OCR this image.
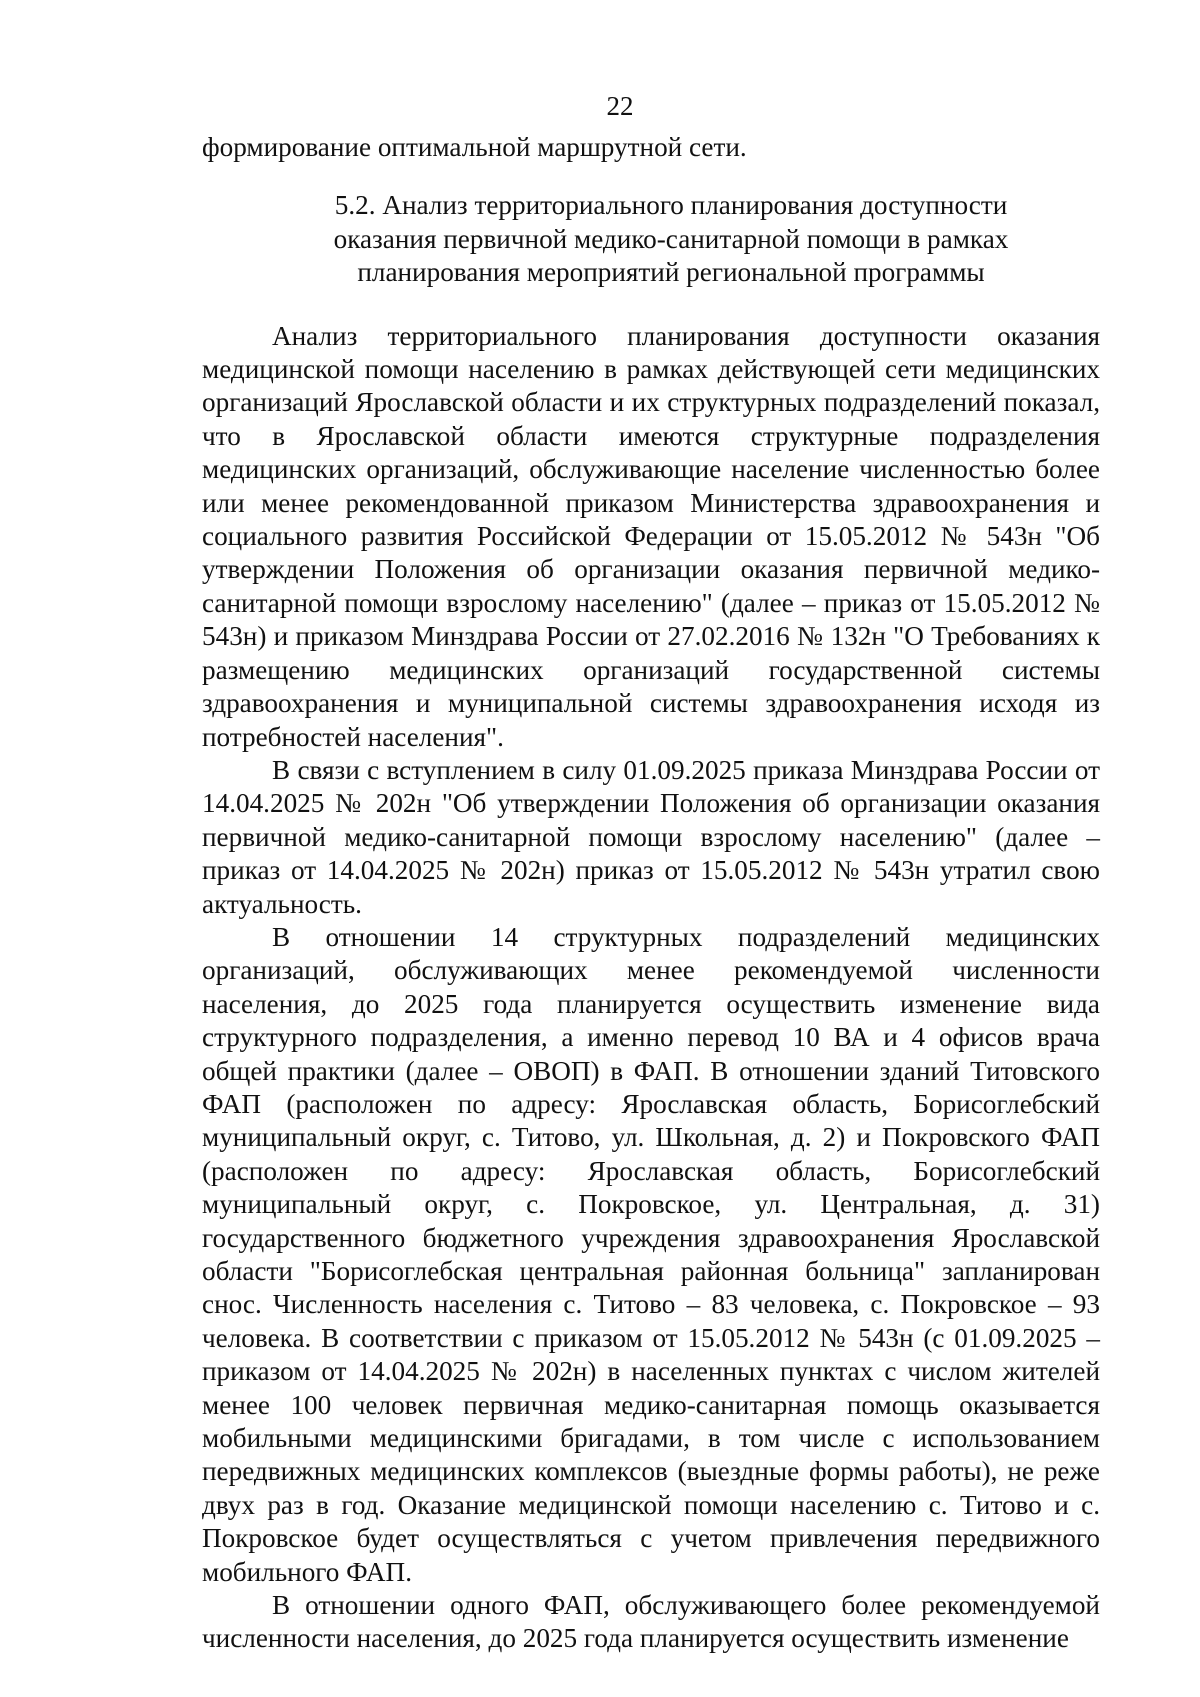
22

формирование оптимальной маршрутной сети.

5.2. Анализ территориального планирования доступности
оказания первичной медико-санитарной помощи в рамках
планирования мероприятий региональной программы

Анализ территориального планирования доступности оказания медицинской помощи населению в рамках действующей сети медицинских организаций Ярославской области и их структурных подразделений показал, что в Ярославской области имеются структурные подразделения медицинских организаций, обслуживающие население численностью более или менее рекомендованной приказом Министерства здравоохранения и социального развития Российской Федерации от 15.05.2012 № 543н "Об утверждении Положения об организации оказания первичной медико-санитарной помощи взрослому населению" (далее – приказ от 15.05.2012 № 543н) и приказом Минздрава России от 27.02.2016 № 132н "О Требованиях к размещению медицинских организаций государственной системы здравоохранения и муниципальной системы здравоохранения исходя из потребностей населения".

В связи с вступлением в силу 01.09.2025 приказа Минздрава России от 14.04.2025 № 202н "Об утверждении Положения об организации оказания первичной медико-санитарной помощи взрослому населению" (далее – приказ от 14.04.2025 № 202н) приказ от 15.05.2012 № 543н утратил свою актуальность.

В отношении 14 структурных подразделений медицинских организаций, обслуживающих менее рекомендуемой численности населения, до 2025 года планируется осуществить изменение вида структурного подразделения, а именно перевод 10 ВА и 4 офисов врача общей практики (далее – ОВОП) в ФАП. В отношении зданий Титовского ФАП (расположен по адресу: Ярославская область, Борисоглебский муниципальный округ, с. Титово, ул. Школьная, д. 2) и Покровского ФАП (расположен по адресу: Ярославская область, Борисоглебский муниципальный округ, с. Покровское, ул. Центральная, д. 31) государственного бюджетного учреждения здравоохранения Ярославской области "Борисоглебская центральная районная больница" запланирован снос. Численность населения с. Титово – 83 человека, с. Покровское – 93 человека. В соответствии с приказом от 15.05.2012 № 543н (с 01.09.2025 – приказом от 14.04.2025 № 202н) в населенных пунктах с числом жителей менее 100 человек первичная медико-санитарная помощь оказывается мобильными медицинскими бригадами, в том числе с использованием передвижных медицинских комплексов (выездные формы работы), не реже двух раз в год. Оказание медицинской помощи населению с. Титово и с. Покровское будет осуществляться с учетом привлечения передвижного мобильного ФАП.

В отношении одного ФАП, обслуживающего более рекомендуемой численности населения, до 2025 года планируется осуществить изменение
